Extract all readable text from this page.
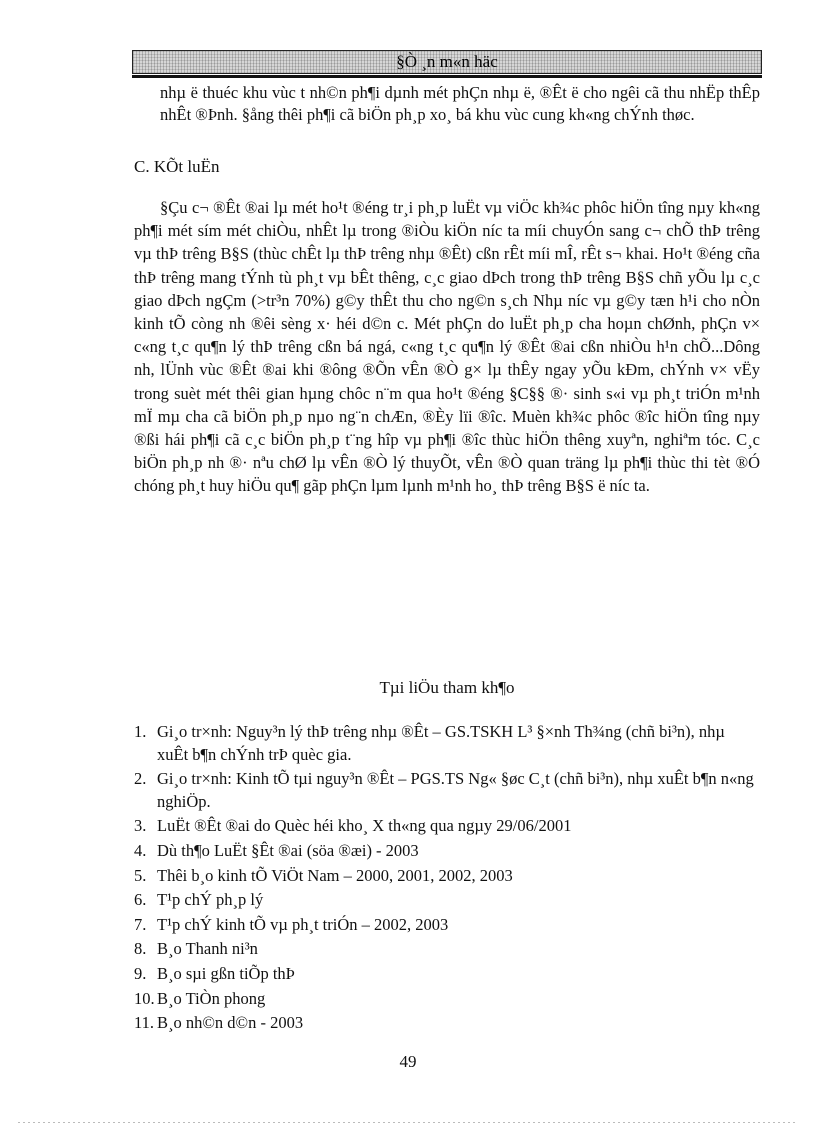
§Ò ¸n m«n häc

nhµ ë thuéc khu vùc t nh©n ph¶i dµnh mét phÇn nhµ ë, ®Êt ë cho ngêi cã thu nhËp thÊp nhÊt ®Þnh. §ång thêi ph¶i cã biÖn ph¸p xo¸ bá khu vùc cung kh«ng chÝnh thøc.

C. KÕt luËn

§Çu c¬ ®Êt ®ai lµ mét ho¹t ®éng tr¸i ph¸p luËt vµ viÖc kh¾c phôc hiÖn tîng nµy kh«ng ph¶i mét sím mét chiÒu, nhÊt lµ trong ®iÒu kiÖn níc ta míi chuyÓn sang c¬ chÕ thÞ trêng vµ thÞ trêng B§S (thùc chÊt lµ thÞ trêng nhµ ®Êt) cßn rÊt míi mÎ, rÊt s¬ khai. Ho¹t ®éng cña thÞ trêng mang tÝnh tù ph¸t vµ bÊt thêng, c¸c giao dÞch trong thÞ trêng B§S chñ yÕu lµ c¸c giao dÞch ngÇm (>tr³n 70%) g©y thÊt thu cho ng©n s¸ch Nhµ níc vµ g©y tæn h¹i cho nÒn kinh tÕ còng nh ®êi sèng x· héi d©n c. Mét phÇn do luËt ph¸p cha hoµn chØnh, phÇn v× c«ng t¸c qu¶n lý thÞ trêng cßn bá ngá, c«ng t¸c qu¶n lý ®Êt ®ai cßn nhiÒu h¹n chÕ...Dông nh, lÜnh vùc ®Êt ®ai khi ®ông ®Õn vÊn ®Ò g× lµ thÊy ngay yÕu kÐm, chÝnh v× vËy trong suèt mét thêi gian hµng chôc n¨m qua ho¹t ®éng §C§§ ®· sinh s«i vµ ph¸t triÓn m¹nh mÏ mµ cha cã biÖn ph¸p nµo ng¨n chÆn, ®Èy lïi ®îc. Muèn kh¾c phôc ®îc hiÖn tîng nµy ®ßi hái ph¶i cã c¸c biÖn ph¸p t¨ng hîp vµ ph¶i ®îc thùc hiÖn thêng xuyªn, nghiªm tóc. C¸c biÖn ph¸p nh ®· nªu chØ lµ vÊn ®Ò lý thuyÕt, vÊn ®Ò quan träng lµ ph¶i thùc thi tèt ®Ó chóng ph¸t huy hiÖu qu¶ gãp phÇn lµm lµnh m¹nh ho¸ thÞ trêng B§S ë níc ta.

Tµi liÖu tham kh¶o

1. Gi¸o tr×nh: Nguy³n lý thÞ trêng nhµ ®Êt – GS.TSKH L³ §×nh Th¾ng (chñ bi³n), nhµ xuÊt b¶n chÝnh trÞ quèc gia.
2. Gi¸o tr×nh: Kinh tÕ tµi nguy³n ®Êt – PGS.TS Ng« §øc C¸t (chñ bi³n), nhµ xuÊt b¶n n«ng nghiÖp.
3. LuËt ®Êt ®ai do Quèc héi kho¸ X th«ng qua ngµy 29/06/2001
4. Dù th¶o LuËt §Êt ®ai (söa ®æi) - 2003
5. Thêi b¸o kinh tÕ ViÖt Nam – 2000, 2001, 2002, 2003
6. T¹p chÝ ph¸p lý
7. T¹p chÝ kinh tÕ vµ ph¸t triÓn – 2002, 2003
8. B¸o Thanh ni³n
9. B¸o sµi gßn tiÕp thÞ
10. B¸o TiÒn phong
11. B¸o nh©n d©n - 2003

49
